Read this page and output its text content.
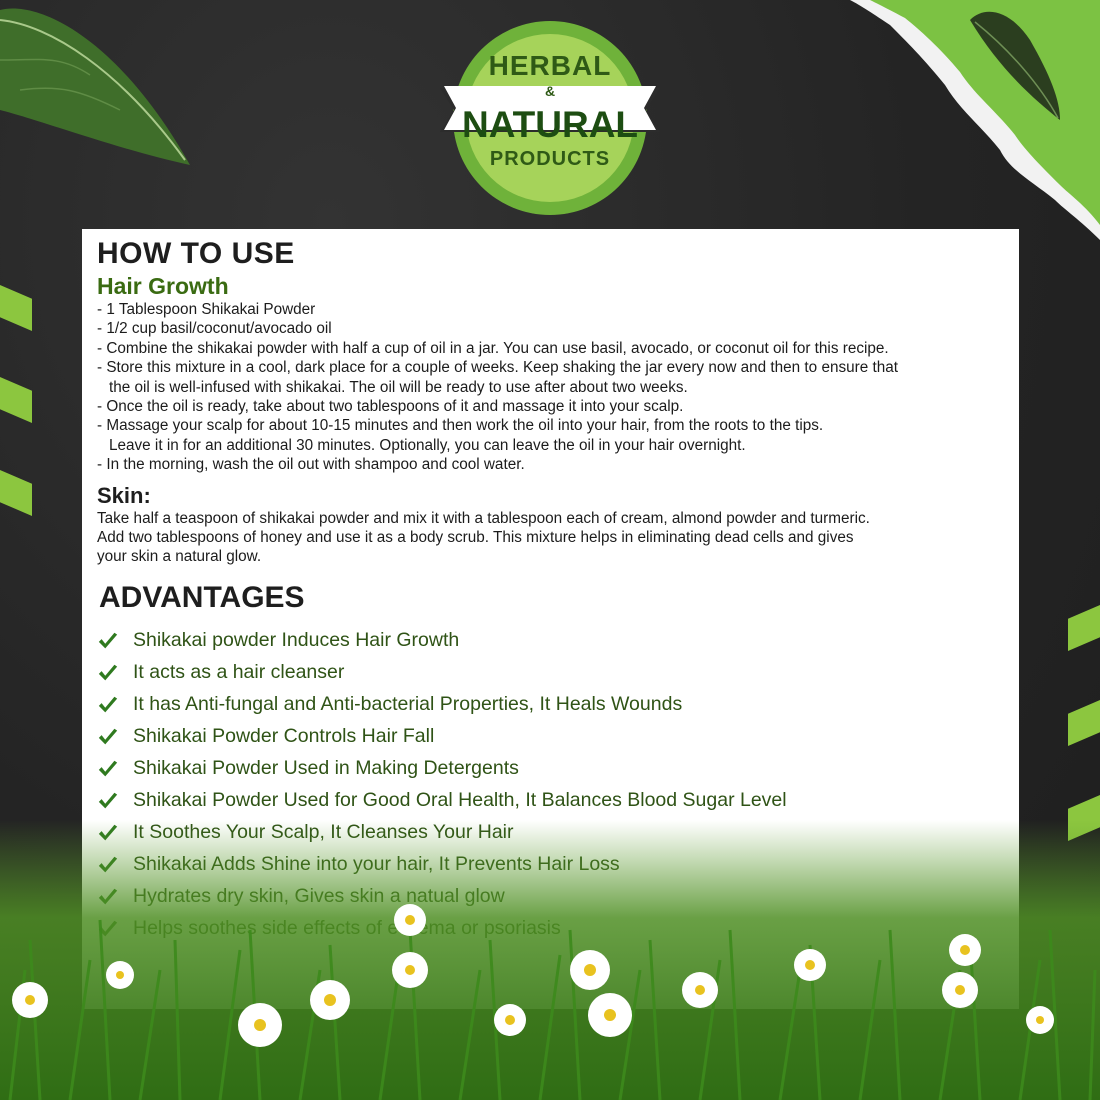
HERBAL
&
NATURAL
PRODUCTS
HOW TO USE
Hair Growth
- 1 Tablespoon Shikakai Powder
- 1/2 cup basil/coconut/avocado oil
- Combine the shikakai powder with half a cup of oil in a jar. You can use basil, avocado, or coconut oil for this recipe.
- Store this mixture in a cool, dark place for a couple of weeks. Keep shaking the jar every now and then to ensure that
the oil is well-infused with shikakai. The oil will be ready to use after about two weeks.
- Once the oil is ready, take about two tablespoons of it and massage it into your scalp.
- Massage your scalp for about 10-15 minutes and then work the oil into your hair, from the roots to the tips.
Leave it in for an additional 30 minutes. Optionally, you can leave the oil in your hair overnight.
- In the morning, wash the oil out with shampoo and cool water.
Skin:
Take half a teaspoon of shikakai powder and mix it with a tablespoon each of cream, almond powder and turmeric.
Add two tablespoons of honey and use it as a body scrub. This mixture helps in eliminating dead cells and gives
your skin a natural glow.
ADVANTAGES
Shikakai powder Induces Hair Growth
It acts as a hair cleanser
It has Anti-fungal and Anti-bacterial Properties, It Heals Wounds
Shikakai Powder Controls Hair Fall
Shikakai Powder Used in Making Detergents
Shikakai Powder Used for Good Oral Health, It Balances Blood Sugar Level
